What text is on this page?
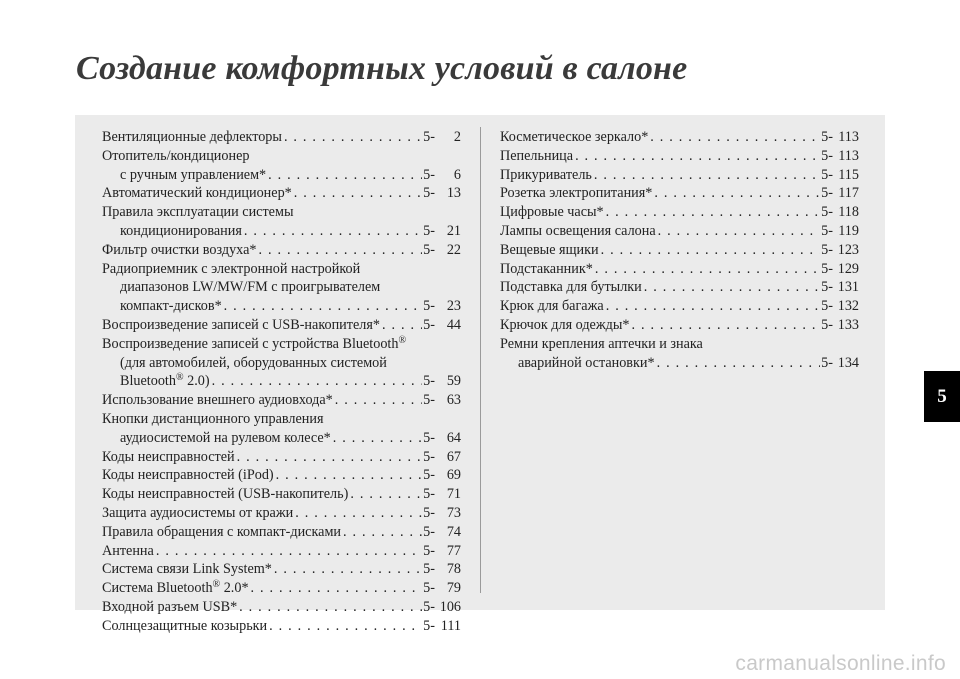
Создание комфортных условий в салоне
Вентиляционные дефлекторы . . .	5- 2
Отопитель/кондиционер
с ручным управлением* . . .	5- 6
Автоматический кондиционер* . . .	5- 13
Правила эксплуатации системы
кондиционирования . . .	5- 21
Фильтр очистки воздуха* . . .	5- 22
Радиоприемник с электронной настройкой
диапазонов LW/MW/FM с проигрывателем
компакт-дисков* . . .	5- 23
Воспроизведение записей с USB-накопителя* . . .	5- 44
Воспроизведение записей с устройства Bluetooth®
(для автомобилей, оборудованных системой
Bluetooth® 2.0) . . .	5- 59
Использование внешнего аудиовхода* . . .	5- 63
Кнопки дистанционного управления
аудиосистемой на рулевом колесе* . . .	5- 64
Коды неисправностей . . .	5- 67
Коды неисправностей (iPod) . . .	5- 69
Коды неисправностей (USB-накопитель) . . .	5- 71
Защита аудиосистемы от кражи . . .	5- 73
Правила обращения с компакт-дисками . . .	5- 74
Антенна . . .	5- 77
Система связи Link System* . . .	5- 78
Система Bluetooth® 2.0* . . .	5- 79
Входной разъем USB* . . .	5- 106
Солнцезащитные козырьки . . .	5- 111
Косметическое зеркало* . . .	5- 113
Пепельница . . .	5- 113
Прикуриватель . . .	5- 115
Розетка электропитания* . . .	5- 117
Цифровые часы* . . .	5- 118
Лампы освещения салона . . .	5- 119
Вещевые ящики . . .	5- 123
Подстаканник* . . .	5- 129
Подставка для бутылки . . .	5- 131
Крюк для багажа . . .	5- 132
Крючок для одежды* . . .	5- 133
Ремни крепления аптечки и знака
аварийной остановки* . . .	5- 134
5
carmanualsonline.info
